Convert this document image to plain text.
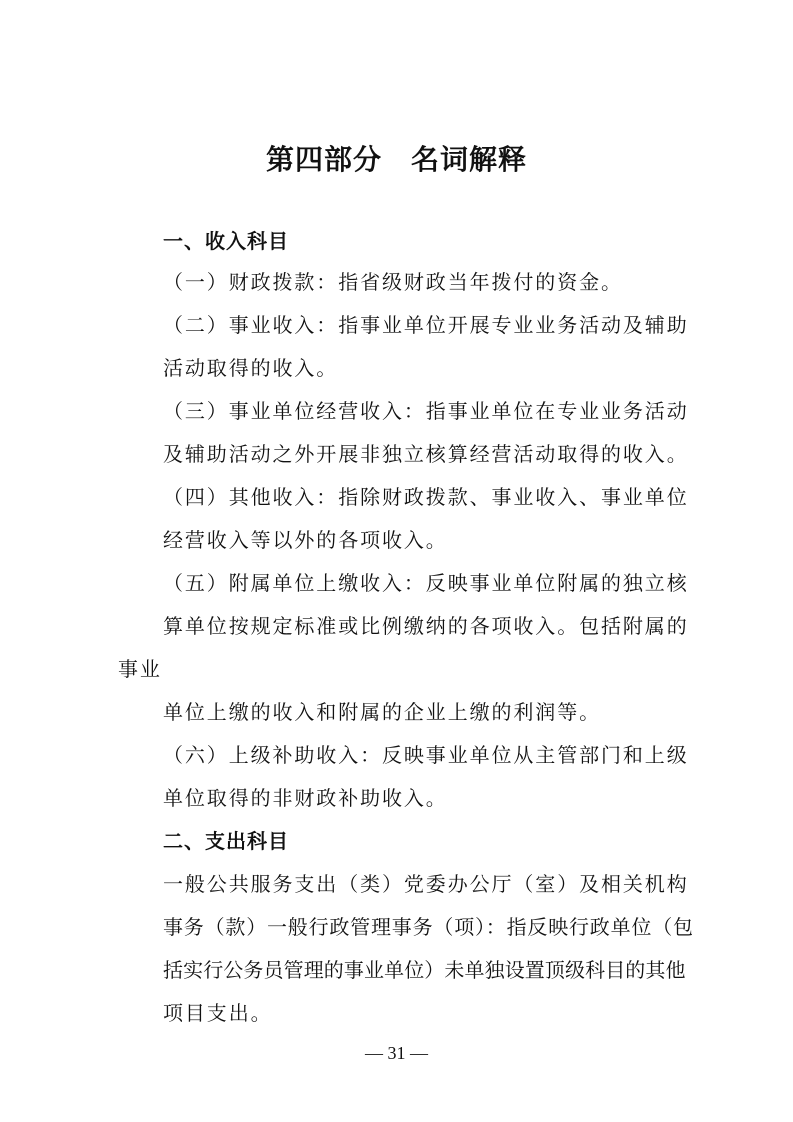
第四部分　名词解释
一、收入科目

（一）财政拨款：指省级财政当年拨付的资金。

（二）事业收入：指事业单位开展专业业务活动及辅助

活动取得的收入。

（三）事业单位经营收入：指事业单位在专业业务活动

及辅助活动之外开展非独立核算经营活动取得的收入。

（四）其他收入：指除财政拨款、事业收入、事业单位

经营收入等以外的各项收入。

（五）附属单位上缴收入：反映事业单位附属的独立核

算单位按规定标准或比例缴纳的各项收入。包括附属的

事业

单位上缴的收入和附属的企业上缴的利润等。

（六）上级补助收入：反映事业单位从主管部门和上级

单位取得的非财政补助收入。

二、支出科目

一般公共服务支出（类）党委办公厅（室）及相关机构

事务（款）一般行政管理事务（项）：指反映行政单位（包

括实行公务员管理的事业单位）未单独设置顶级科目的其他

项目支出。

— 31 —
